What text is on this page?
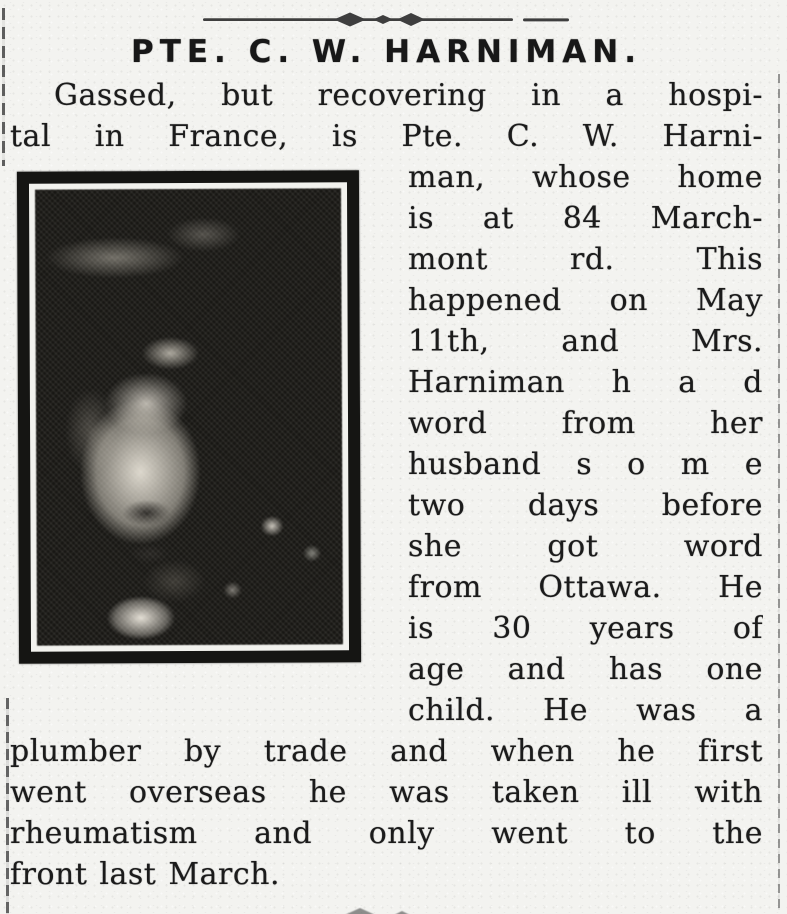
PTE. C. W. HARNIMAN.
Gassed, but recovering in a hospi-
tal in France, is Pte. C. W. Harni-
man, whose home
is at 84 March-
mont rd. This
happened on May
11th, and Mrs.
Harniman h a d
word from her
husband s o m e
two days before
she got word
from Ottawa. He
is 30 years of
age and has one
child. He was a
plumber by trade and when he first
went overseas he was taken ill with
rheumatism and only went to the
front last March.
